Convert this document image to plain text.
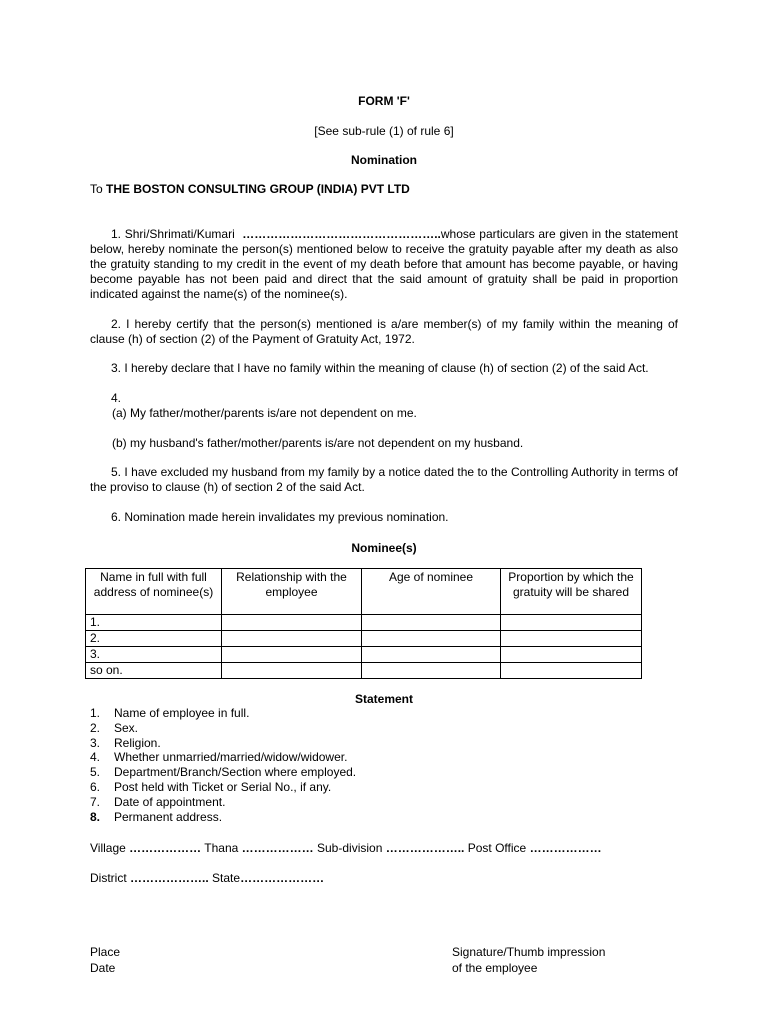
FORM 'F'
[See sub-rule (1) of rule 6]
Nomination
To THE BOSTON CONSULTING GROUP (INDIA) PVT LTD

1. Shri/Shrimati/Kumari …………………………………………..whose particulars are given in the statement below, hereby nominate the person(s) mentioned below to receive the gratuity payable after my death as also the gratuity standing to my credit in the event of my death before that amount has become payable, or having become payable has not been paid and direct that the said amount of gratuity shall be paid in proportion indicated against the name(s) of the nominee(s).

2. I hereby certify that the person(s) mentioned is a/are member(s) of my family within the meaning of clause (h) of section (2) of the Payment of Gratuity Act, 1972.

3. I hereby declare that I have no family within the meaning of clause (h) of section (2) of the said Act.

4.
(a) My father/mother/parents is/are not dependent on me.
(b) my husband's father/mother/parents is/are not dependent on my husband.

5. I have excluded my husband from my family by a notice dated the to the Controlling Authority in terms of the proviso to clause (h) of section 2 of the said Act.

6. Nomination made herein invalidates my previous nomination.

Nominee(s)
Name in full with full address of nominee(s)	Relationship with the employee	Age of nominee	Proportion by which the gratuity will be shared
1.			
2.			
3.			
so on.			
Statement
1.	Name of employee in full.
2.	Sex.
3.	Religion.
4.	Whether unmarried/married/widow/widower.
5.	Department/Branch/Section where employed.
6.	Post held with Ticket or Serial No., if any.
7.	Date of appointment.
8.	Permanent address.
Village ……………… Thana ……………… Sub-division ……………….. Post Office ………………
District ……………….. State…………………
Place
Date
Signature/Thumb impression
of the employee
